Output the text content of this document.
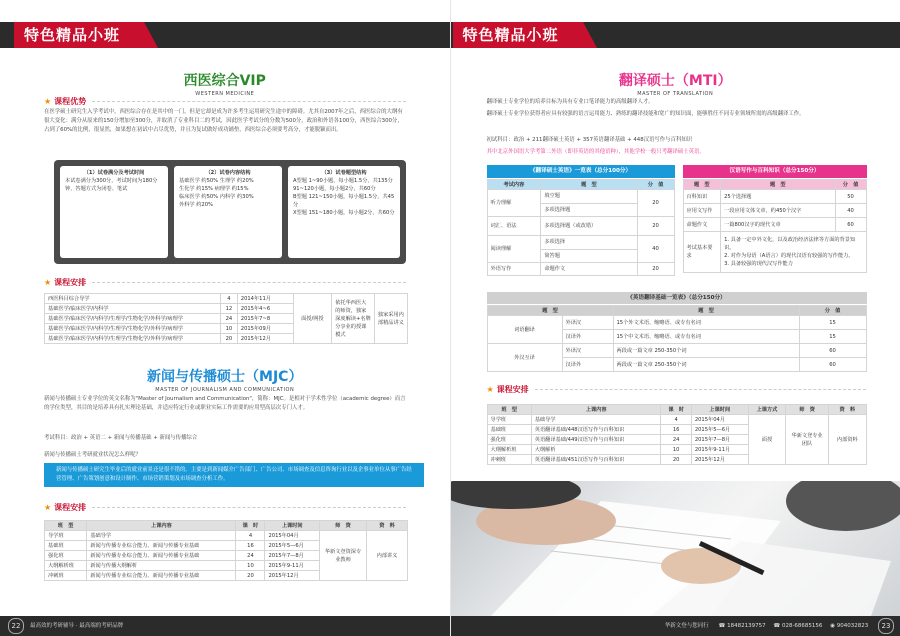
特色精品小班
西医综合VIP
WESTERN MEDICINE
★ 课程优势
在医学硕士研究生入学考试中，西医综合存在是其中的一门，但是它却是成为许多考生运用研究生途中的障碍。尤其自2007年之后，西医综合的大纲有很大变化：满分从原来的150分增加至300分，并取消了专业科目二的考试，因此医学考试分的分数为500分，政治和外语各100分，西医综合300分，占到了60%的比例，很显然，如果想在初试中占尽优势，并且为复试做好成功铺垫，西医综合必须要考高分，才能脱颖而出。
（1）试卷满分及考试时间
本试卷满分为300分，考试时间为180分钟，答题方式为闭卷、笔试
（2）试卷内容结构
基础医学 约50% 生理学 约20%
生化学 约15% 病理学 约15%
临床医学 约50% 内科学 约30%
外科学 约20%
（3）试卷题型结构
A型题 1~90小题，每小题1.5分，共135分
91~120小题，每小题2分，共60分
B型题 121~150小题，每小题1.5分，共45分
X型题 151~180小题，每小题2分，共60分
★ 课程安排
西医科目综合导学	4	2014年11月	面授/网授	依托华西医大的师资，独家深度解读+名牌分享业的授课模式	独家采用内部精品讲义
基础医学/临床医学/内科学	12	2015年4~6			
基础医学/临床医学/内科学/生理学/生物化学/外科学/病理学	24	2015年7~8			
基础医学/临床医学/内科学/生理学/生物化学/外科学/病理学	10	2015年09月			
基础医学/临床医学/内科学/生理学/生物化学/外科学/病理学	20	2015年12月			
新闻与传播硕士（MJC）
MASTER OF JOURNALISM AND COMMUNICATION
新闻与传播硕士专业学位的英文名称为"Master of Journalism and Communication"，简称：MJC。是相对于学术性学位（academic degree）而言的学位类型，其目的是培养具有扎实理论基础，并适应特定行业或职业实际工作需要的应用型高层次专门人才。
考试科目：政治 + 英语二 + 新闻与传播基础 + 新闻与传播综合
新闻与传播硕士考研就业状况怎么样呢？
新闻与传播硕士研究生毕业后的就业前景还是很不错的。主要是到新闻媒介广告部门、广告公司、市场调查及信息咨询行业以及企事业单位从事广告经营管理、广告策划创意和设计制作、市场营销策划及市场调查分析工作。
★ 课程安排
班　型	上课内容	课　时	上课时间	师　资	资　料
导学班	基础导学	4	2015年04月	华新文登资深专业教师	内部讲义
基础班	新闻与传播专业综合能力、新闻与传播专业基础	16	2015年5—6月		
强化班	新闻与传播专业综合能力、新闻与传播专业基础	24	2015年7—8月		
大纲解析班	新闻与传播大纲解析	10	2015年9-11月		
冲刺班	新闻与传播专业综合能力、新闻与传播专业基础	20	2015年12月		
22 最高效的考研辅导 · 最高端的考研品牌
特色精品小班
翻译硕士（MTI）
MASTER OF TRANSLATION
翻译硕士专业学位的培养目标为具有专业口笔译能力的高级翻译人才。
翻译硕士专业学位获得者应具有较强的语言运用能力、熟练的翻译技能和宽广的知识面，能够胜任不同专业领域所需的高级翻译工作。
初试科目：政治 + 211翻译硕士英语 + 357英语翻译基础 + 448汉语写作与百科知识
其中北京外国语大学考第二外语（即非英语的其他语种），其他学校一般只考翻译硕士英语。
《翻译硕士英语》一览表（总分100分）
考试内容	题　型	分　值
听力理解	填空题	20
	多项选择题	
词汇、语法	多项选择题（或改错）	20
阅读理解	多项选择	40
	简答题	
外语写作	命题作文	20
汉语写作与百科知识（总分150分）
题　型	题　型	分　值
百科知识	25个选择题	50
应用文写作	一段应用文体文章，约450个汉字	40
命题作文	一篇800汉字的现代文章	60
考试基本要求	1. 具备一定中外文化，以及政治经济法律等方面的背景知识。
2. 对作为母语（A语言）的现代汉语有较强的写作能力。
3. 具备较强的现代汉写作能力	
《英语翻译基础一览表》（总分150分）
题　型		题　型	分　值
词语翻译	外译汉	15个外文术语、缩略语、或专有名词	15
	汉译外	15个中文术语、缩略语、或专有名词	15
外汉互译	外译汉	两段或一篇文章 250-350个词	60
	汉译外	两段或一篇文章 250-350个词	60
★ 课程安排
班　型	上课内容	课　时	上课时间	上课方式	师　资	资　料
导学班	基础导学	4	2015年04月	面授	华新文登专业团队	内部资料
基础班	英语翻译基础/448汉语写作与百科知识	16	2015年5—6月			
强化班	英语翻译基础/449汉语写作与百科知识	24	2015年7—8月			
大纲解析班	大纲解析	10	2015年9-11月			
冲刺班	英语翻译基础/451汉语写作与百科知识	20	2015年12月			
华新文登与您同行 ☎ 18482139757 ☎ 028-68685156 ◉ 904032823 23
